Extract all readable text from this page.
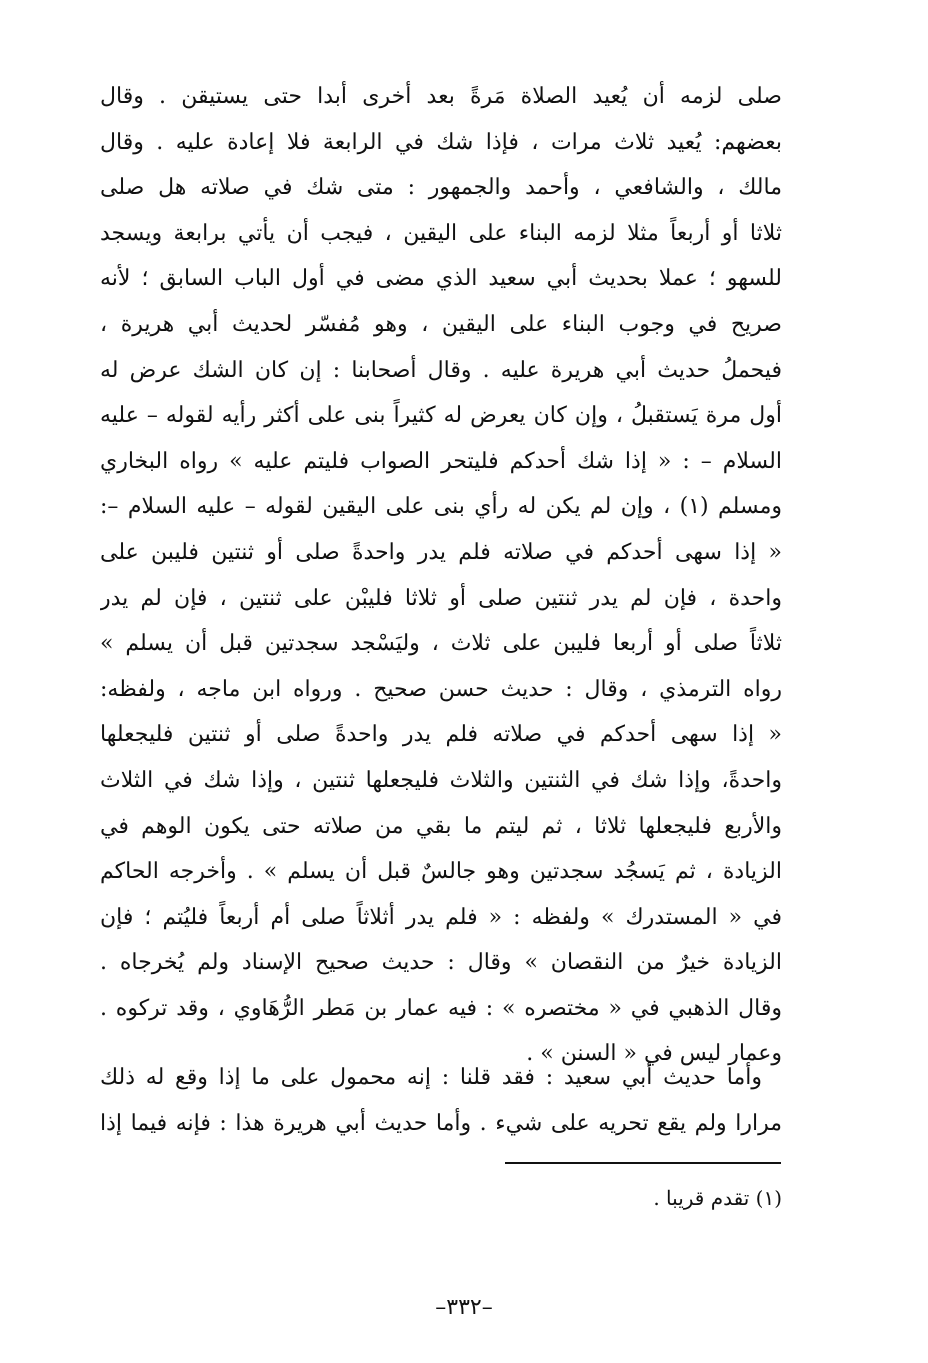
صلى لزمه أن يُعيد الصلاة مَرةً بعد أخرى أبدا حتى يستيقن . وقال
بعضهم: يُعيد ثلاث مرات ، فإذا شك في الرابعة فلا إعادة عليه . وقال
مالك ، والشافعي ، وأحمد والجمهور : متى شك في صلاته هل صلى
ثلاثا أو أربعاً مثلا لزمه البناء على اليقين ، فيجب أن يأتي برابعة ويسجد
للسهو ؛ عملا بحديث أبي سعيد الذي مضى في أول الباب السابق ؛ لأنه
صريح في وجوب البناء على اليقين ، وهو مُفسّر لحديث أبي هريرة ،
فيحملُ حديث أبي هريرة عليه . وقال أصحابنا : إن كان الشك عرض له
أول مرة يَستقبلُ ، وإن كان يعرض له كثيراً بنى على أكثر رأيه لقوله – عليه
السلام – : « إذا شك أحدكم فليتحر الصواب فليتم عليه » رواه البخاري
ومسلم (١) ، وإن لم يكن له رأي بنى على اليقين لقوله – عليه السلام –:
« إذا سهى أحدكم في صلاته فلم يدر واحدةً صلى أو ثنتين فليبن على
واحدة ، فإن لم يدر ثنتين صلى أو ثلاثا فليبْن على ثنتين ، فإن لم يدر
ثلاثاً صلى أو أربعا فليبن على ثلاث ، وليَسْجد سجدتين قبل أن يسلم »
رواه الترمذي ، وقال : حديث حسن صحيح . ورواه ابن ماجه ، ولفظه:
« إذا سهى أحدكم في صلاته فلم يدر واحدةً صلى أو ثنتين فليجعلها
واحدةً، وإذا شك في الثنتين والثلاث فليجعلها ثنتين ، وإذا شك في الثلاث
والأربع فليجعلها ثلاثا ، ثم ليتم ما بقي من صلاته حتى يكون الوهم في
الزيادة ، ثم يَسجُد سجدتين وهو جالسٌ قبل أن يسلم » . وأخرجه الحاكم
في « المستدرك » ولفظه : « فلم يدر أثلاثاً صلى أم أربعاً فليُتم ؛ فإن
الزيادة خيرٌ من النقصان » وقال : حديث صحيح الإسناد ولم يُخرجاه .
وقال الذهبي في « مختصره » : فيه عمار بن مَطر الرُّهَاوي ، وقد تركوه .
وعمار ليس في « السنن » .
وأما حديث أبي سعيد : فقد قلنا : إنه محمول على ما إذا وقع له ذلك
مرارا ولم يقع تحريه على شيء . وأما حديث أبي هريرة هذا : فإنه فيما إذا
(١) تقدم قريبا .
–٣٣٢–
